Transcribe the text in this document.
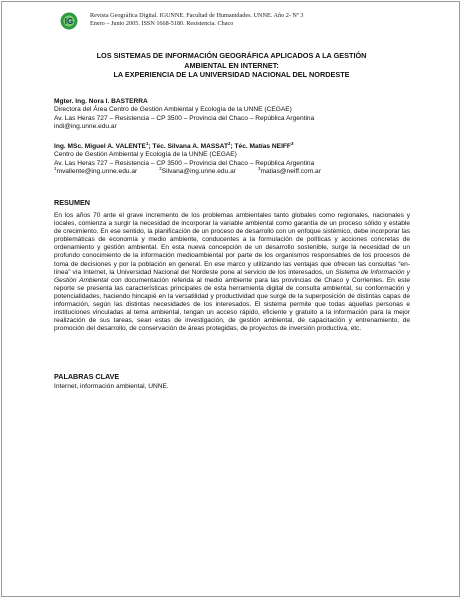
IG
Revista Geográfica Digital. IGUNNE. Facultad de Humanidades. UNNE. Año 2- Nº 3
Enero – Junio 2005. ISSN 1668-5180. Resistencia. Chaco
LOS SISTEMAS DE INFORMACIÓN GEOGRÁFICA APLICADOS A LA GESTIÓN
AMBIENTAL EN INTERNET:
LA EXPERIENCIA DE LA UNIVERSIDAD NACIONAL DEL NORDESTE
Mgter. Ing. Nora I. BASTERRA
Directora del Área Centro de Gestión Ambiental y Ecología de la UNNE (CEGAE)
Av. Las Heras 727 – Resistencia – CP 3500 – Provincia del Chaco – República Argentina
indi@ing.unne.edu.ar
Ing. MSc. Miguel A. VALENTE$^1$; Téc. Silvana A. MASSAT$^2$; Téc. Matías NEIFF$^3$
Centro de Gestión Ambiental y Ecología de la UNNE (CEGAE)
Av. Las Heras 727 – Resistencia – CP 3500 – Provincia del Chaco – República Argentina
$^1$mvallente@ing.unne.edu.ar	$^2$Silvana@ing.unne.edu.ar	$^3$matias@neiff.com.ar
RESUMEN
En los años 70 ante el grave incremento de los problemas ambientales tanto globales como regionales, nacionales y locales, comienza a surgir la necesidad de incorporar la variable ambiental como garantía de un proceso sólido y estable de crecimiento. En ese sentido, la planificación de un proceso de desarrollo con un enfoque sistémico, debe incorporar las problemáticas de economía y medio ambiente, conducentes a la formulación de políticas y acciones concretas de ordenamiento y gestión ambiental. En esta nueva concepción de un desarrollo sostenible, surge la necesidad de un profundo conocimiento de la información medioambiental por parte de los organismos responsables de los procesos de toma de decisiones y por la población en general. En ese marco y utilizando las ventajas que ofrecen las consultas “en-línea” vía Internet, la Universidad Nacional del Nordeste pone al servicio de los interesados, un Sistema de Información y Gestión Ambiental con documentación referida al medio ambiente para las provincias de Chaco y Corrientes. En este reporte se presenta las características principales de esta herramienta digital de consulta ambiental, su conformación y potencialidades, haciendo hincapié en la versatilidad y productividad que surge de la superposición de distintas capas de información, según las distintas necesidades de los interesados. El sistema permite que todas aquellas personas e instituciones vinculadas al tema ambiental, tengan un acceso rápido, eficiente y gratuito a la información para la mejor realización de sus tareas, sean estas de investigación, de gestión ambiental, de capacitación y entrenamiento, de promoción del desarrollo, de conservación de áreas protegidas, de proyectos de inversión productiva, etc.
PALABRAS CLAVE
Internet, información ambiental, UNNE.
